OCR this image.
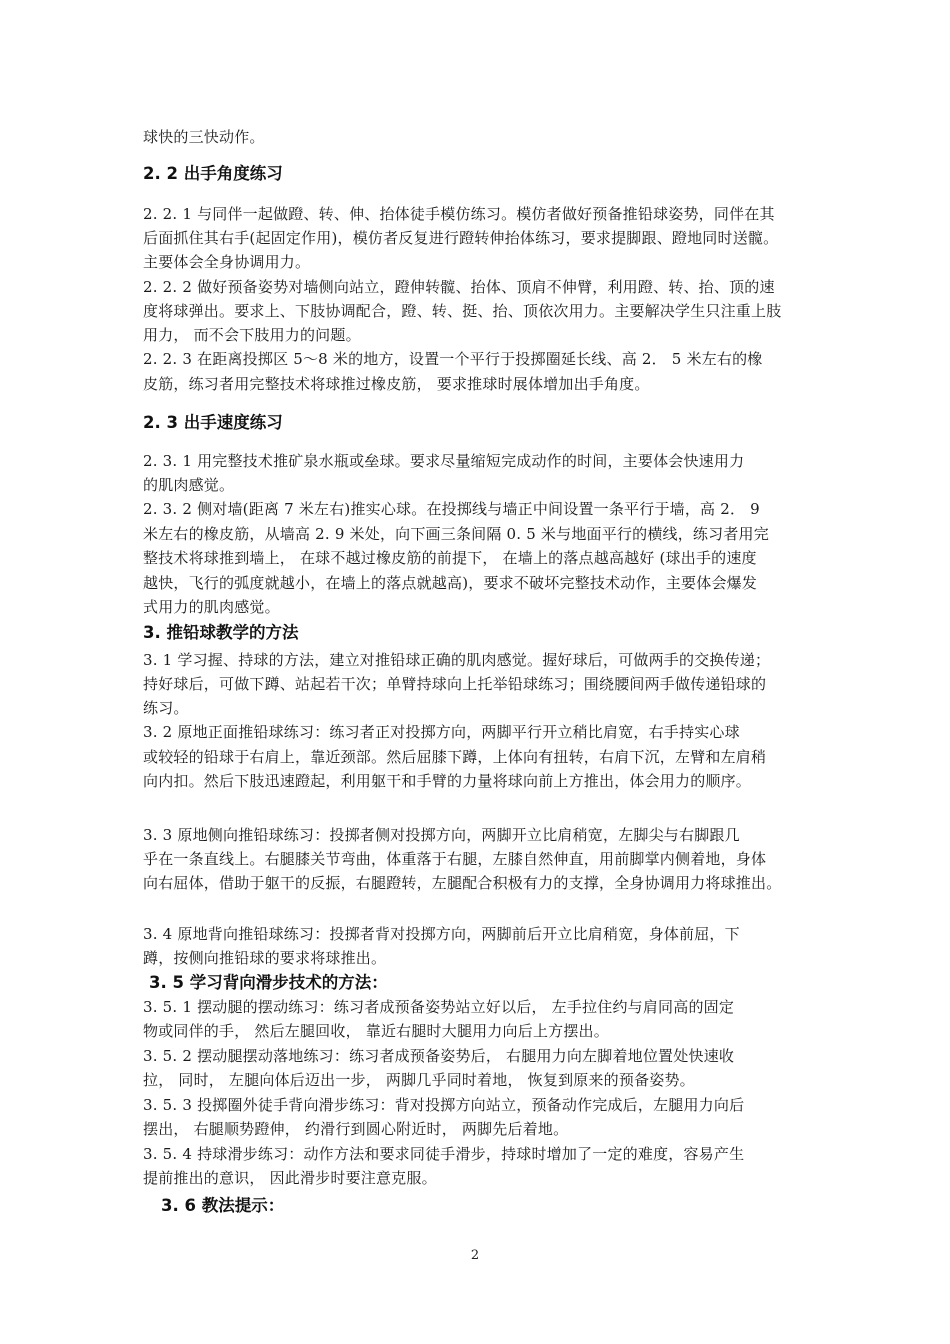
球快的三快动作。
2. 2 出手角度练习
2. 2. 1 与同伴一起做蹬、转、伸、抬体徒手模仿练习。模仿者做好预备推铅球姿势，同伴在其
后面抓住其右手(起固定作用)，模仿者反复进行蹬转伸抬体练习，要求提脚跟、蹬地同时送髋。
主要体会全身协调用力。
2. 2. 2 做好预备姿势对墙侧向站立，蹬伸转髋、抬体、顶肩不伸臂，利用蹬、转、抬、顶的速
度将球弹出。要求上、下肢协调配合，蹬、转、挺、抬、顶依次用力。主要解决学生只注重上肢
用力， 而不会下肢用力的问题。
2. 2. 3 在距离投掷区 5～8 米的地方，设置一个平行于投掷圈延长线、高 2． 5 米左右的橡
皮筋，练习者用完整技术将球推过橡皮筋， 要求推球时展体增加出手角度。
2. 3 出手速度练习
2. 3. 1 用完整技术推矿泉水瓶或垒球。要求尽量缩短完成动作的时间，主要体会快速用力
的肌肉感觉。
2. 3. 2 侧对墙(距离 7 米左右)推实心球。在投掷线与墙正中间设置一条平行于墙，高 2． 9
米左右的橡皮筋，从墙高 2. 9 米处，向下画三条间隔 0. 5 米与地面平行的横线，练习者用完
整技术将球推到墙上， 在球不越过橡皮筋的前提下， 在墙上的落点越高越好 (球出手的速度
越快，飞行的弧度就越小，在墙上的落点就越高)，要求不破坏完整技术动作，主要体会爆发
式用力的肌肉感觉。
3. 推铅球教学的方法
3. 1 学习握、持球的方法，建立对推铅球正确的肌肉感觉。握好球后，可做两手的交换传递；
持好球后，可做下蹲、站起若干次；单臂持球向上托举铅球练习；围绕腰间两手做传递铅球的
练习。
3. 2 原地正面推铅球练习：练习者正对投掷方向，两脚平行开立稍比肩宽，右手持实心球
或较轻的铅球于右肩上，靠近颈部。然后屈膝下蹲，上体向有扭转，右肩下沉，左臂和左肩稍
向内扣。然后下肢迅速蹬起，利用躯干和手臂的力量将球向前上方推出，体会用力的顺序。
3. 3 原地侧向推铅球练习：投掷者侧对投掷方向，两脚开立比肩稍宽，左脚尖与右脚跟几
乎在一条直线上。右腿膝关节弯曲，体重落于右腿，左膝自然伸直，用前脚掌内侧着地，身体
向右屈体，借助于躯干的反振，右腿蹬转，左腿配合积极有力的支撑，全身协调用力将球推出。
3. 4 原地背向推铅球练习：投掷者背对投掷方向，两脚前后开立比肩稍宽，身体前屈，下
蹲，按侧向推铅球的要求将球推出。
3. 5 学习背向滑步技术的方法：
3. 5. 1 摆动腿的摆动练习：练习者成预备姿势站立好以后， 左手拉住约与肩同高的固定
物或同伴的手， 然后左腿回收， 靠近右腿时大腿用力向后上方摆出。
3. 5. 2 摆动腿摆动落地练习：练习者成预备姿势后， 右腿用力向左脚着地位置处快速收
拉， 同时， 左腿向体后迈出一步， 两脚几乎同时着地， 恢复到原来的预备姿势。
3. 5. 3 投掷圈外徒手背向滑步练习：背对投掷方向站立，预备动作完成后，左腿用力向后
摆出， 右腿顺势蹬伸， 约滑行到圆心附近时， 两脚先后着地。
3. 5. 4 持球滑步练习：动作方法和要求同徒手滑步，持球时增加了一定的难度，容易产生
提前推出的意识， 因此滑步时要注意克服。
3. 6 教法提示：
2
